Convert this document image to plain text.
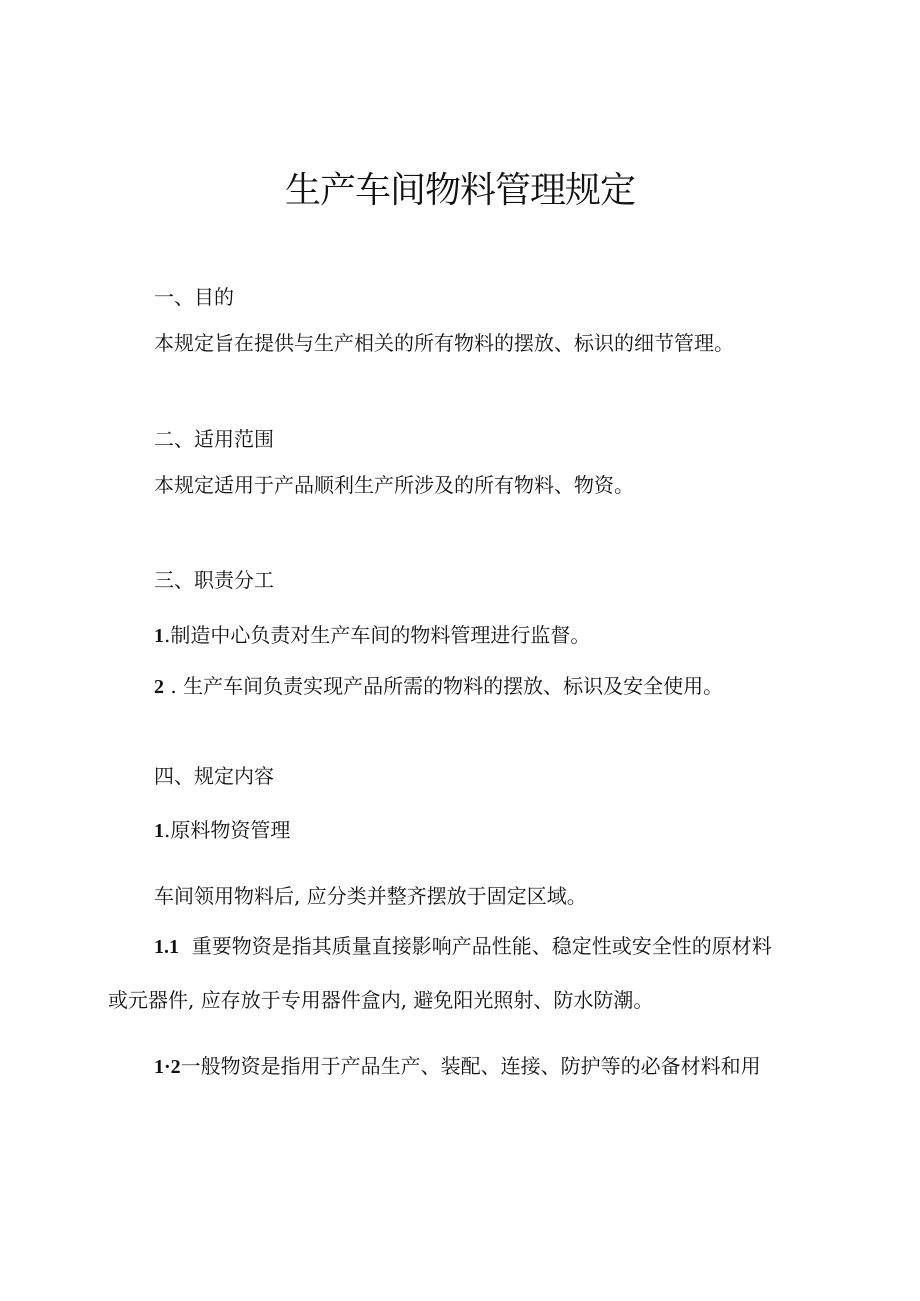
生产车间物料管理规定

一、目的

本规定旨在提供与生产相关的所有物料的摆放、标识的细节管理。

二、适用范围

本规定适用于产品顺利生产所涉及的所有物料、物资。

三、职责分工

1.制造中心负责对生产车间的物料管理进行监督。

2 . 生产车间负责实现产品所需的物料的摆放、标识及安全使用。

四、规定内容

1.原料物资管理

车间领用物料后, 应分类并整齐摆放于固定区域。

1.1 重要物资是指其质量直接影响产品性能、稳定性或安全性的原材料

或元器件, 应存放于专用器件盒内, 避免阳光照射、防水防潮。

1·2一般物资是指用于产品生产、装配、连接、防护等的必备材料和用
